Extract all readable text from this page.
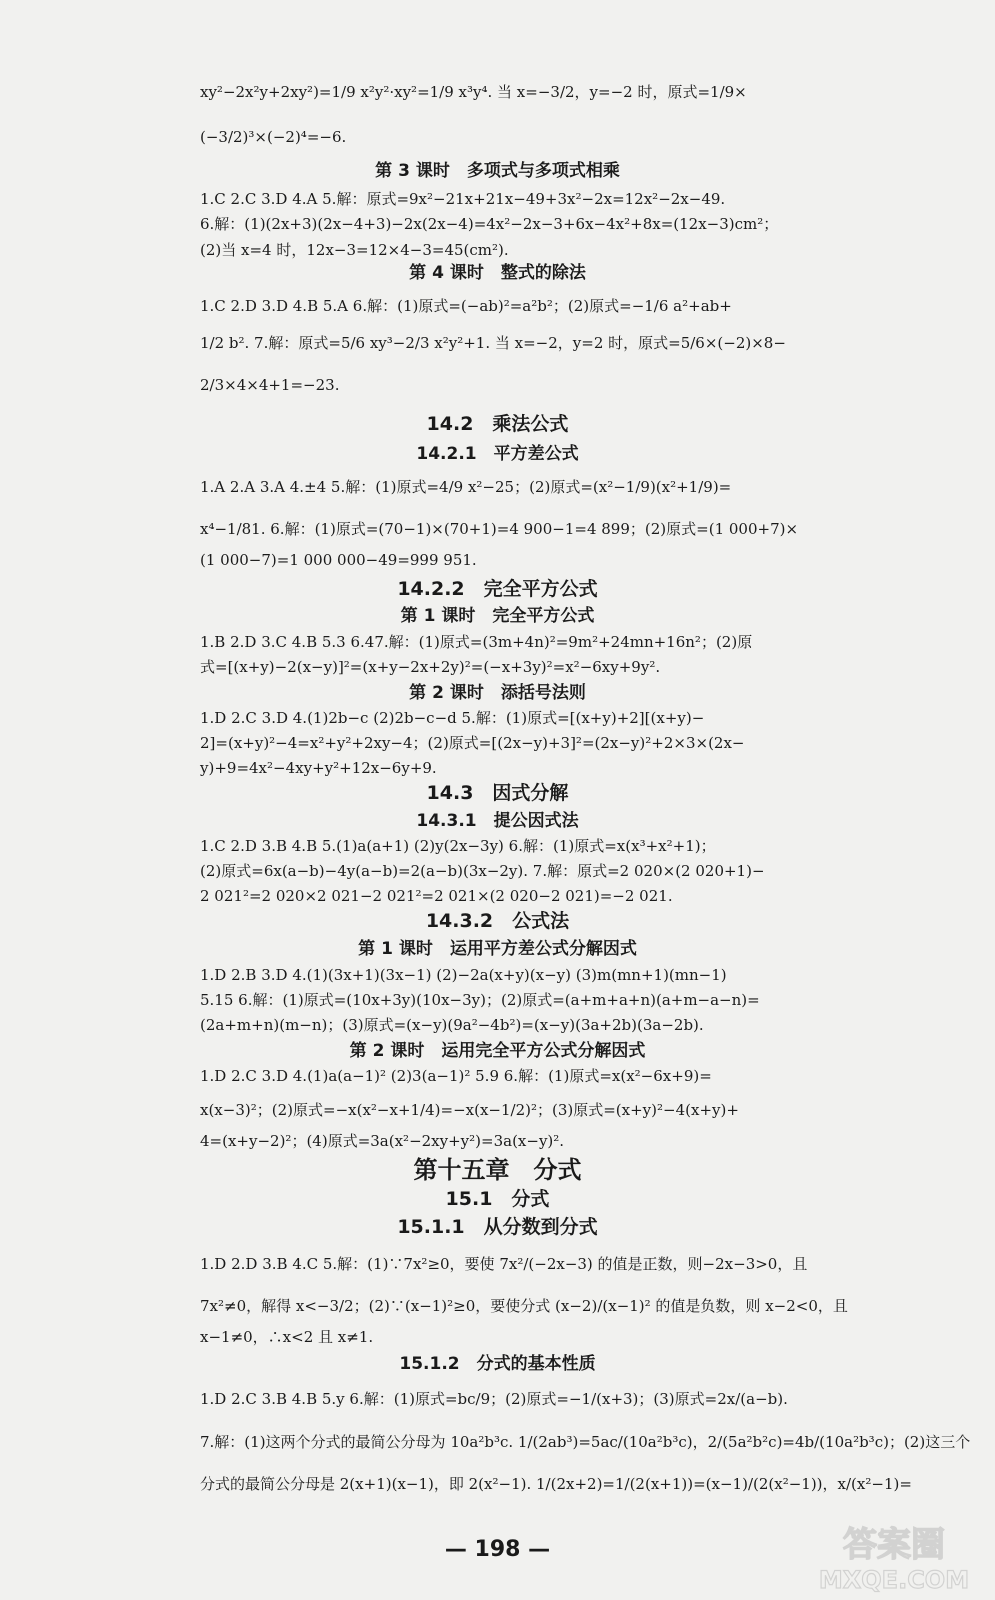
xy²−2x²y+2xy²)=1/9 x²y²·xy²=1/9 x³y⁴. 当 x=−3/2，y=−2 时，原式=1/9×
(−3/2)³×(−2)⁴=−6.
第 3 课时　多项式与多项式相乘
1.C 2.C 3.D 4.A 5.解：原式=9x²−21x+21x−49+3x²−2x=12x²−2x−49.
6.解：(1)(2x+3)(2x−4+3)−2x(2x−4)=4x²−2x−3+6x−4x²+8x=(12x−3)cm²；
(2)当 x=4 时，12x−3=12×4−3=45(cm²).
第 4 课时　整式的除法
1.C 2.D 3.D 4.B 5.A 6.解：(1)原式=(−ab)²=a²b²；(2)原式=−1/6 a²+ab+
1/2 b². 7.解：原式=5/6 xy³−2/3 x²y²+1. 当 x=−2，y=2 时，原式=5/6×(−2)×8−
2/3×4×4+1=−23.
14.2　乘法公式
14.2.1　平方差公式
1.A 2.A 3.A 4.±4 5.解：(1)原式=4/9 x²−25；(2)原式=(x²−1/9)(x²+1/9)=
x⁴−1/81. 6.解：(1)原式=(70−1)×(70+1)=4 900−1=4 899；(2)原式=(1 000+7)×
(1 000−7)=1 000 000−49=999 951.
14.2.2　完全平方公式
第 1 课时　完全平方公式
1.B 2.D 3.C 4.B 5.3 6.47.解：(1)原式=(3m+4n)²=9m²+24mn+16n²；(2)原
式=[(x+y)−2(x−y)]²=(x+y−2x+2y)²=(−x+3y)²=x²−6xy+9y².
第 2 课时　添括号法则
1.D 2.C 3.D 4.(1)2b−c (2)2b−c−d 5.解：(1)原式=[(x+y)+2][(x+y)−
2]=(x+y)²−4=x²+y²+2xy−4；(2)原式=[(2x−y)+3]²=(2x−y)²+2×3×(2x−
y)+9=4x²−4xy+y²+12x−6y+9.
14.3　因式分解
14.3.1　提公因式法
1.C 2.D 3.B 4.B 5.(1)a(a+1) (2)y(2x−3y) 6.解：(1)原式=x(x³+x²+1)；
(2)原式=6x(a−b)−4y(a−b)=2(a−b)(3x−2y). 7.解：原式=2 020×(2 020+1)−
2 021²=2 020×2 021−2 021²=2 021×(2 020−2 021)=−2 021.
14.3.2　公式法
第 1 课时　运用平方差公式分解因式
1.D 2.B 3.D 4.(1)(3x+1)(3x−1) (2)−2a(x+y)(x−y) (3)m(mn+1)(mn−1)
5.15 6.解：(1)原式=(10x+3y)(10x−3y)；(2)原式=(a+m+a+n)(a+m−a−n)=
(2a+m+n)(m−n)；(3)原式=(x−y)(9a²−4b²)=(x−y)(3a+2b)(3a−2b).
第 2 课时　运用完全平方公式分解因式
1.D 2.C 3.D 4.(1)a(a−1)² (2)3(a−1)² 5.9 6.解：(1)原式=x(x²−6x+9)=
x(x−3)²；(2)原式=−x(x²−x+1/4)=−x(x−1/2)²；(3)原式=(x+y)²−4(x+y)+
4=(x+y−2)²；(4)原式=3a(x²−2xy+y²)=3a(x−y)².
第十五章　分式
15.1　分式
15.1.1　从分数到分式
1.D 2.D 3.B 4.C 5.解：(1)∵7x²≥0，要使 7x²/(−2x−3) 的值是正数，则−2x−3>0，且
7x²≠0，解得 x<−3/2；(2)∵(x−1)²≥0，要使分式 (x−2)/(x−1)² 的值是负数，则 x−2<0，且
x−1≠0，∴x<2 且 x≠1.
15.1.2　分式的基本性质
1.D 2.C 3.B 4.B 5.y 6.解：(1)原式=bc/9；(2)原式=−1/(x+3)；(3)原式=2x/(a−b).
7.解：(1)这两个分式的最简公分母为 10a²b³c. 1/(2ab³)=5ac/(10a²b³c)，2/(5a²b²c)=4b/(10a²b³c)；(2)这三个
分式的最简公分母是 2(x+1)(x−1)，即 2(x²−1). 1/(2x+2)=1/(2(x+1))=(x−1)/(2(x²−1))，x/(x²−1)=
— 198 —	答案圈
MXQE.COM
